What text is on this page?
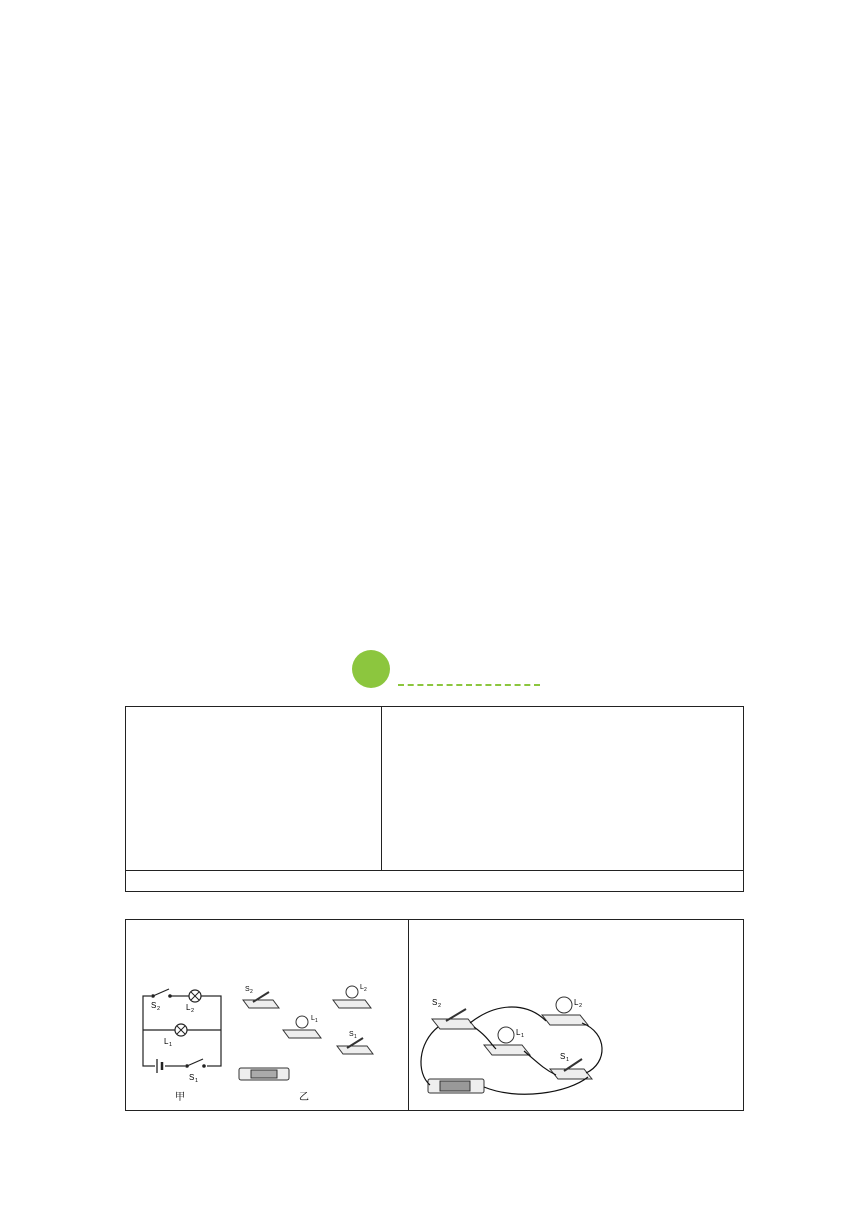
S 2	L 2
L 1
S 1
甲
S 2
L 2
L 1
S 1
乙
S 2	L 2
L 1
S 1
